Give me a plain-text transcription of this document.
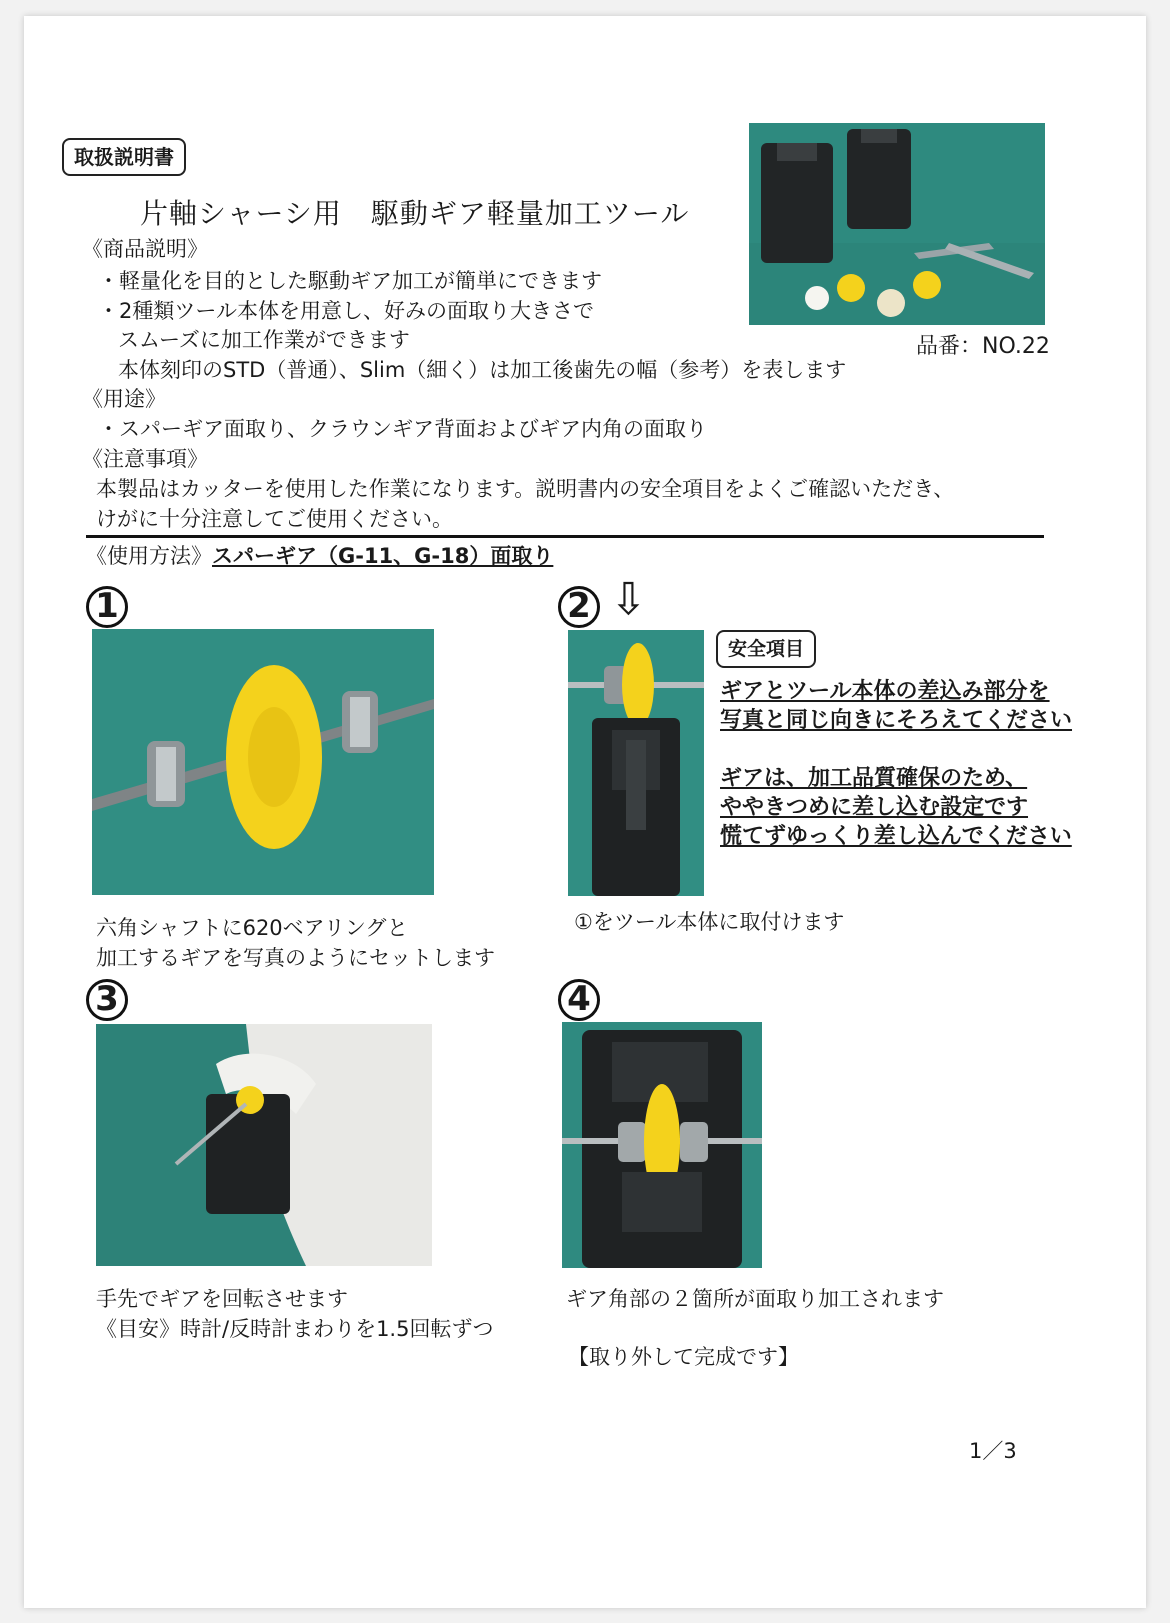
取扱説明書
片軸シャーシ用　駆動ギア軽量加工ツール
品番：NO.22
《商品説明》
・軽量化を目的とした駆動ギア加工が簡単にできます
・2種類ツール本体を用意し、好みの面取り大きさで
スムーズに加工作業ができます
本体刻印のSTD（普通）、Slim（細く）は加工後歯先の幅（参考）を表します
《用途》
・スパーギア面取り、クラウンギア背面およびギア内角の面取り
《注意事項》
本製品はカッターを使用した作業になります。説明書内の安全項目をよくご確認いただき、
けがに十分注意してご使用ください。
《使用方法》スパーギア（G-11、G-18）面取り
1
六角シャフトに620ベアリングと
加工するギアを写真のようにセットします
2 ⇩
安全項目
ギアとツール本体の差込み部分を
写真と同じ向きにそろえてください
ギアは、加工品質確保のため、
ややきつめに差し込む設定です
慌てずゆっくり差し込んでください
①をツール本体に取付けます
3
手先でギアを回転させます
《目安》時計/反時計まわりを1.5回転ずつ
4
ギア角部の２箇所が面取り加工されます
【取り外して完成です】
1／3
